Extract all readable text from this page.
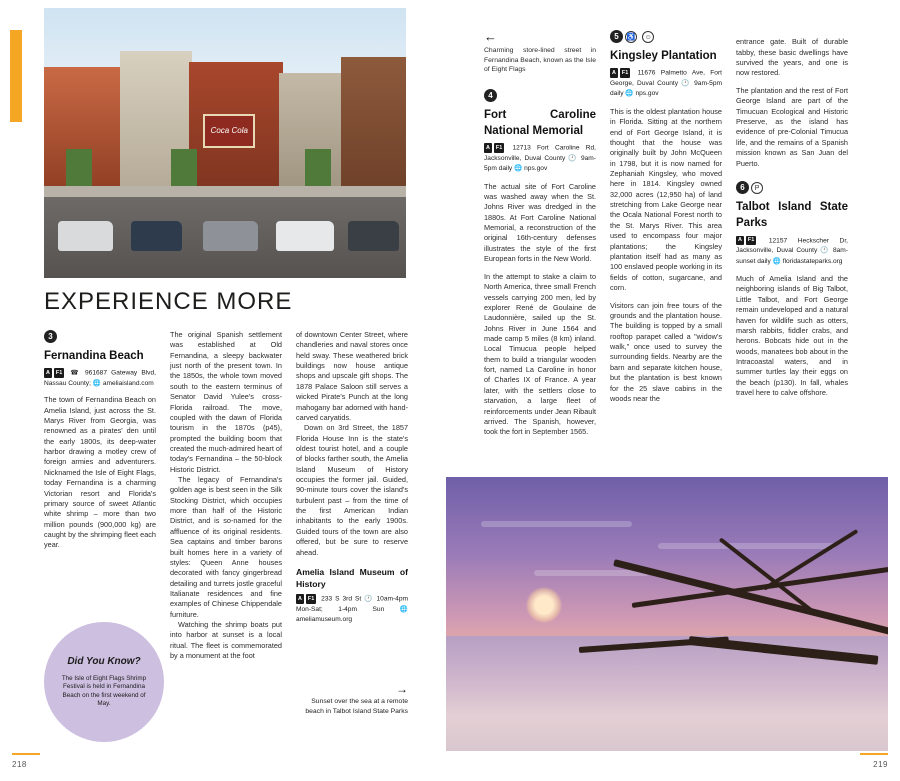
Coca Cola
EXPERIENCE MORE
3
Fernandina Beach
A F1 ☎ 961687 Gateway Blvd, Nassau County; 🌐 ameliaisland.com

The town of Fernandina Beach on Amelia Island, just across the St. Marys River from Georgia, was renowned as a pirates' den until the early 1800s, its deep-water harbor drawing a motley crew of foreign armies and adventurers. Nicknamed the Isle of Eight Flags, today Fernandina is a charming Victorian resort and Florida's primary source of sweet Atlantic white shrimp – more than two million pounds (900,000 kg) are caught by the shrimping fleet each year.

Did You Know?

The Isle of Eight Flags Shrimp Festival is held in Fernandina Beach on the first weekend of May.

The original Spanish settlement was established at Old Fernandina, a sleepy backwater just north of the present town. In the 1850s, the whole town moved south to the eastern terminus of Senator David Yulee's cross-Florida railroad. The move, coupled with the dawn of Florida tourism in the 1870s (p45), prompted the building boom that created the much-admired heart of today's Fernandina – the 50-block Historic District.

The legacy of Fernandina's golden age is best seen in the Silk Stocking District, which occupies more than half of the Historic District, and is so-named for the affluence of its original residents. Sea captains and timber barons built homes here in a variety of styles: Queen Anne houses decorated with fancy gingerbread detailing and turrets jostle graceful Italianate residences and fine examples of Chinese Chippendale furniture.

Watching the shrimp boats put into harbor at sunset is a local ritual. The fleet is commemorated by a monument at the foot

of downtown Center Street, where chandleries and naval stores once held sway. These weathered brick buildings now house antique shops and upscale gift shops. The 1878 Palace Saloon still serves a wicked Pirate's Punch at the long mahogany bar adorned with hand-carved caryatids.

Down on 3rd Street, the 1857 Florida House Inn is the state's oldest tourist hotel, and a couple of blocks farther south, the Amelia Island Museum of History occupies the former jail. Guided, 90-minute tours cover the island's turbulent past – from the time of the first American Indian inhabitants to the early 1900s. Guided tours of the town are also offered, but be sure to reserve ahead.

Amelia Island Museum of History
A F1 233 S 3rd St 🕐 10am-4pm Mon-Sat; 1-4pm Sun 🌐 ameliamuseum.org
→
Sunset over the sea at a remote beach in Talbot Island State Parks
218
←
Charming store-lined street in Fernandina Beach, known as the Isle of Eight Flags
4
Fort Caroline National Memorial
A F1 12713 Fort Caroline Rd, Jacksonville, Duval County 🕐 9am-5pm daily 🌐 nps.gov

The actual site of Fort Caroline was washed away when the St. Johns River was dredged in the 1880s. At Fort Caroline National Memorial, a reconstruction of the original 16th-century defenses illustrates the style of the first European forts in the New World.

In the attempt to stake a claim to North America, three small French vessels carrying 200 men, led by explorer René de Goulaine de Laudonnière, sailed up the St. Johns River in June 1564 and made camp 5 miles (8 km) inland. Local Timucua people helped them to build a triangular wooden fort, named La Caroline in honor of Charles IX of France. A year later, with the settlers close to starvation, a large fleet of reinforcements under Jean Ribault arrived. The Spanish, however, took the fort in September 1565.

5 ♿ ☺
Kingsley Plantation
A F1 11676 Palmetto Ave, Fort George, Duval County 🕐 9am-5pm daily 🌐 nps.gov

This is the oldest plantation house in Florida. Sitting at the northern end of Fort George Island, it is thought that the house was originally built by John McQueen in 1798, but it is now named for Zephaniah Kingsley, who moved here in 1814. Kingsley owned 32,000 acres (12,950 ha) of land stretching from Lake George near the Ocala National Forest north to the St. Marys River. This area used to encompass four major plantations; the Kingsley plantation itself had as many as 100 enslaved people working in its fields of cotton, sugarcane, and corn.

Visitors can join free tours of the grounds and the plantation house. The building is topped by a small rooftop parapet called a "widow's walk," once used to survey the surrounding fields. Nearby are the barn and separate kitchen house, but the plantation is best known for the 25 slave cabins in the woods near the

entrance gate. Built of durable tabby, these basic dwellings have survived the years, and one is now restored.

The plantation and the rest of Fort George Island are part of the Timucuan Ecological and Historic Preserve, as the island has evidence of pre-Colonial Timucua life, and the remains of a Spanish mission known as San Juan del Puerto.

6 P
Talbot Island State Parks
A F1 12157 Heckscher Dr, Jacksonville, Duval County 🕐 8am-sunset daily 🌐 floridastateparks.org

Much of Amelia Island and the neighboring islands of Big Talbot, Little Talbot, and Fort George remain undeveloped and a natural haven for wildlife such as otters, marsh rabbits, fiddler crabs, and herons. Bobcats hide out in the woods, manatees bob about in the Intracoastal waters, and in summer turtles lay their eggs on the beach (p130). In fall, whales travel here to calve offshore.

219
